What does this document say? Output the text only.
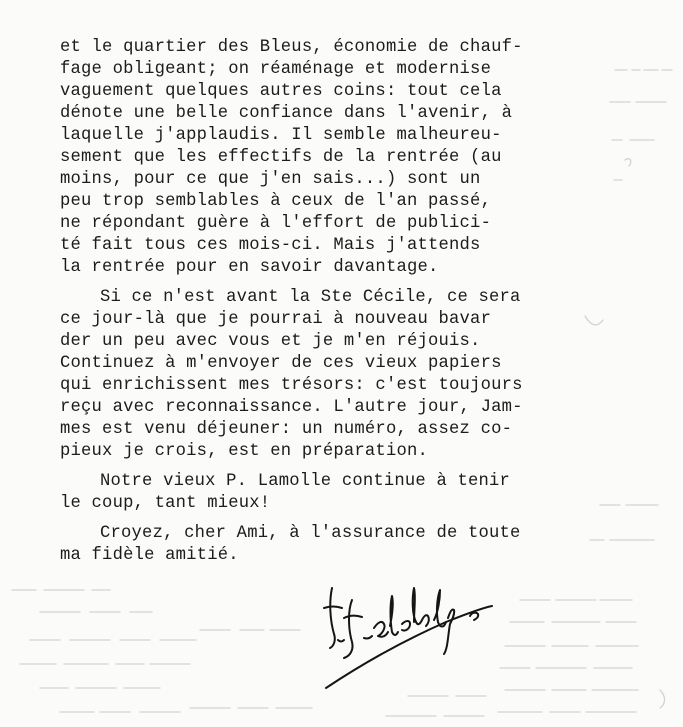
et le quartier des Bleus, économie de chauf-
fage obligeant; on réaménage et modernise
vaguement quelques autres coins: tout cela
dénote une belle confiance dans l'avenir, à
laquelle j'applaudis. Il semble malheureu-
sement que les effectifs de la rentrée (au
moins, pour ce que j'en sais...) sont un
peu trop semblables à ceux de l'an passé,
ne répondant guère à l'effort de publici-
té fait tous ces mois-ci. Mais j'attends
la rentrée pour en savoir davantage.
Si ce n'est avant la Ste Cécile, ce sera
ce jour-là que je pourrai à nouveau bavar
der un peu avec vous et je m'en réjouis.
Continuez à m'envoyer de ces vieux papiers
qui enrichissent mes trésors: c'est toujours
reçu avec reconnaissance. L'autre jour, Jam-
mes est venu déjeuner: un numéro, assez co-
pieux je crois, est en préparation.
Notre vieux P. Lamolle continue à tenir
le coup, tant mieux!
Croyez, cher Ami, à l'assurance de toute
ma fidèle amitié.
